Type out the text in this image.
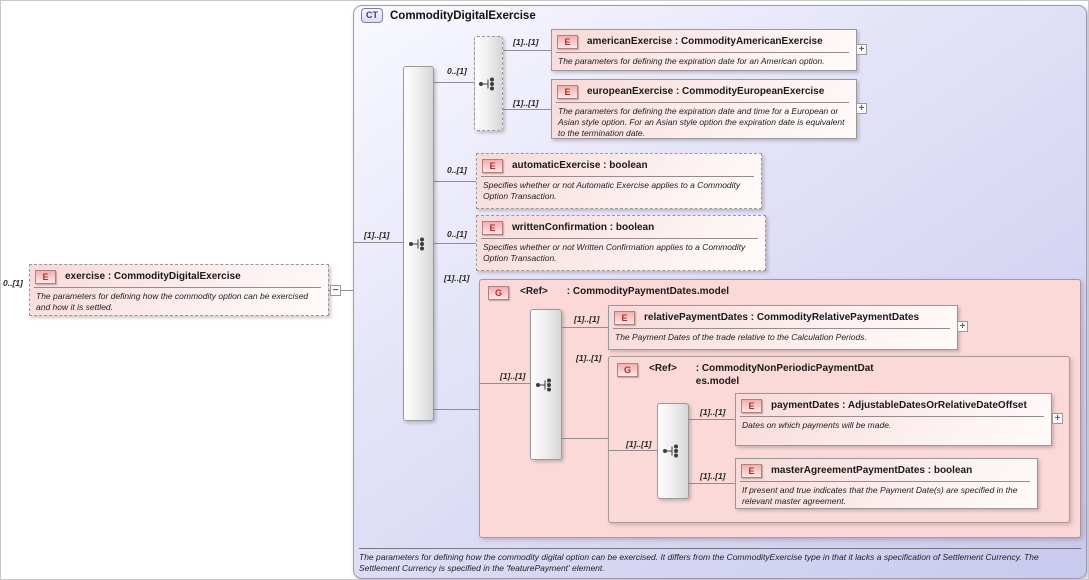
CT	CommodityDigitalExercise
The parameters for defining how the commodity digital option can be exercised. It differs from the CommodityExercise type in that it lacks a specification of Settlement Currency. The Settlement Currency is specified in the 'featurePayment' element.
G	<Ref> : CommodityPaymentDates.model
G	<Ref> : CommodityNonPeriodicPaymentDates.model
E	exercise : CommodityDigitalExercise
The parameters for defining how the commodity option can be exercised and how it is settled.
−
E	americanExercise : CommodityAmericanExercise
The parameters for defining the expiration date for an American option.
+
E	europeanExercise : CommodityEuropeanExercise
The parameters for defining the expiration date and time for a European or Asian style option. For an Asian style option the expiration date is equivalent to the termination date.
+
E	automaticExercise : boolean
Specifies whether or not Automatic Exercise applies to a Commodity Option Transaction.
E	writtenConfirmation : boolean
Specifies whether or not Written Confirmation applies to a Commodity Option Transaction.
E	relativePaymentDates : CommodityRelativePaymentDates
The Payment Dates of the trade relative to the Calculation Periods.
+
E	paymentDates : AdjustableDatesOrRelativeDateOffset
Dates on which payments will be made.
+
E	masterAgreementPaymentDates : boolean
If present and true indicates that the Payment Date(s) are specified in the relevant master agreement.
0..[1]
[1]..[1]
0..[1]
[1]..[1]
[1]..[1]
0..[1]
0..[1]
[1]..[1]
[1]..[1]
[1]..[1]
[1]..[1]
[1]..[1]
[1]..[1]
[1]..[1]
